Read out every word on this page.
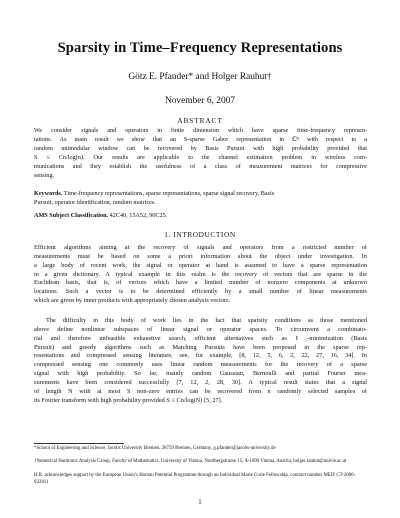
Sparsity in Time–Frequency Representations
Götz E. Pfander* and Holger Rauhut†
November 6, 2007
ABSTRACT
We consider signals and operators in finite dimension which have sparse time-frequency represen-
tations. As main result we show that an S-sparse Gabor representation in ℂⁿ with respect to a
random unimodular window can be recovered by Basis Pursuit with high probability provided that
S ≤ Cn/log(n). Our results are applicable to the channel estimation problem in wireless com-
munications and they establish the usefulness of a class of measurement matrices for compressive
sensing.
Keywords. Time-frequency representations, sparse representations, sparse signal recovery, Basis
Pursuit, operator identification, random matrices.
AMS Subject Classification. 42C40, 15A52, 90C25.
1. INTRODUCTION
Efficient algorithms aiming at the recovery of signals and operators from a restricted number of
measurements must be based on some a priori information about the object under investigation. In
a large body of recent work, the signal or operator at hand is assumed to have a sparse representation
in a given dictionary. A typical example in this realm is the recovery of vectors that are sparse in the
Euclidean basis, that is, of vectors which have a limited number of nonzero components at unknown
locations. Such a vector is to be determined efficiently by a small number of linear measurements
which are given by inner products with appropriately chosen analysis vectors.
The difficulty in this body of work lies in the fact that sparsity conditions as those mentioned
above define nonlinear subspaces of linear signal or operator spaces. To circumvent a combinato-
rial and therefore unfeasible exhaustive search, efficient alternatives such as ℓ₁-minimization (Basis
Pursuit) and greedy algorithms such as Matching Pursuits have been proposed in the sparse rep-
resentations and compressed sensing literature, see, for example, [8, 12, 5, 6, 2, 22, 27, 16, 34]. In
compressed sensing one commonly uses linear random measurements for the recovery of a sparse
signal with high probability. So far, mainly random Gaussian, Bernoulli and partial Fourier mea-
surements have been considered successfully [7, 12, 2, 28, 30]. A typical result states that a signal
of length N with at most S non-zero entries can be recovered from n randomly selected samples of
its Fourier transform with high probability provided S ≤ Cn/log(N) [5, 27].
*School of Engineering and Science, Jacobs University Bremen, 28759 Bremen, Germany, g.pfander@jacobs-university.de
†Numerical Harmonic Analysis Group, Faculty of Mathematics, University of Vienna, Nordbergstrasse 15, A-1090 Vienna, Austria, holger.rauhut@univie.ac.at
H.R. acknowledges support by the European Union’s Human Potential Programme through an Individual Marie Curie Fellowship, contract number MEIF CT-2006-022811
1
